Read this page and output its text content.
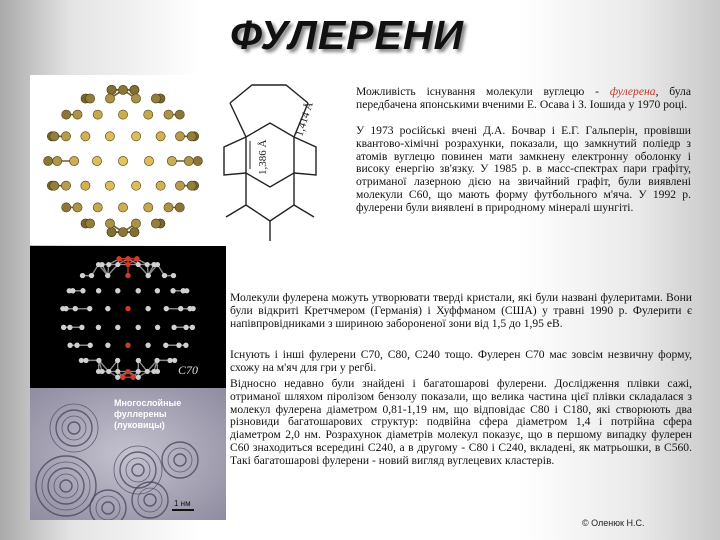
ФУЛЕРЕНИ
1,414 Å
1,386 Å
C70
Многослойные
фуллерены
(луковицы)
1 нм

Можливість існування молекули вуглецю - фулерена, була передбачена японськими вченими Е. Осава і З. Іошида у 1970 році.

У 1973 російські вчені Д.А. Бочвар і Е.Г. Гальперін, провівши квантово-хімічні розрахунки, показали, що замкнутий поліедр з атомів вуглецю повинен мати замкнену електронну оболонку і високу енергію зв'язку. У 1985 р. в масс-спектрах пари графіту, отриманої лазерною дією на звичайний графіт, були виявлені молекули С60, що мають форму футбольного м'яча. У 1992 р. фулерени були виявлені в природному мінералі шунгіті.

Молекули фулерена можуть утворювати тверді кристали, які були названі фулеритами. Вони були відкриті Кретчмером (Германія) і Хуффманом (США) у травні 1990 р. Фулерити є напівпровідниками з шириною забороненої зони від 1,5 до 1,95 еВ.

Існують і інші фулерени С70, С80, С240 тощо. Фулерен С70 має зовсім незвичну форму, схожу на м'яч для гри у регбі.

Відносно недавно були знайдені і багатошарові фулерени. Дослідження плівки сажі, отриманої шляхом піролізом бензолу показали, що велика частина цієї плівки складалася з молекул фулерена діаметром 0,81-1,19 нм, що відповідає С80 і С180, які створюють два різновиди багатошарових структур: подвійна сфера діаметром 1,4 і потрійна сфера діаметром 2,0 нм. Розрахунок діаметрів молекул показує, що в першому випадку фулерен С60 знаходиться всередині С240, а в другому - С80 і С240, вкладені, як матрьошки, в С560. Такі багатошарові фулерени - новий вигляд вуглецевих кластерів.

© Оленюк Н.С.
